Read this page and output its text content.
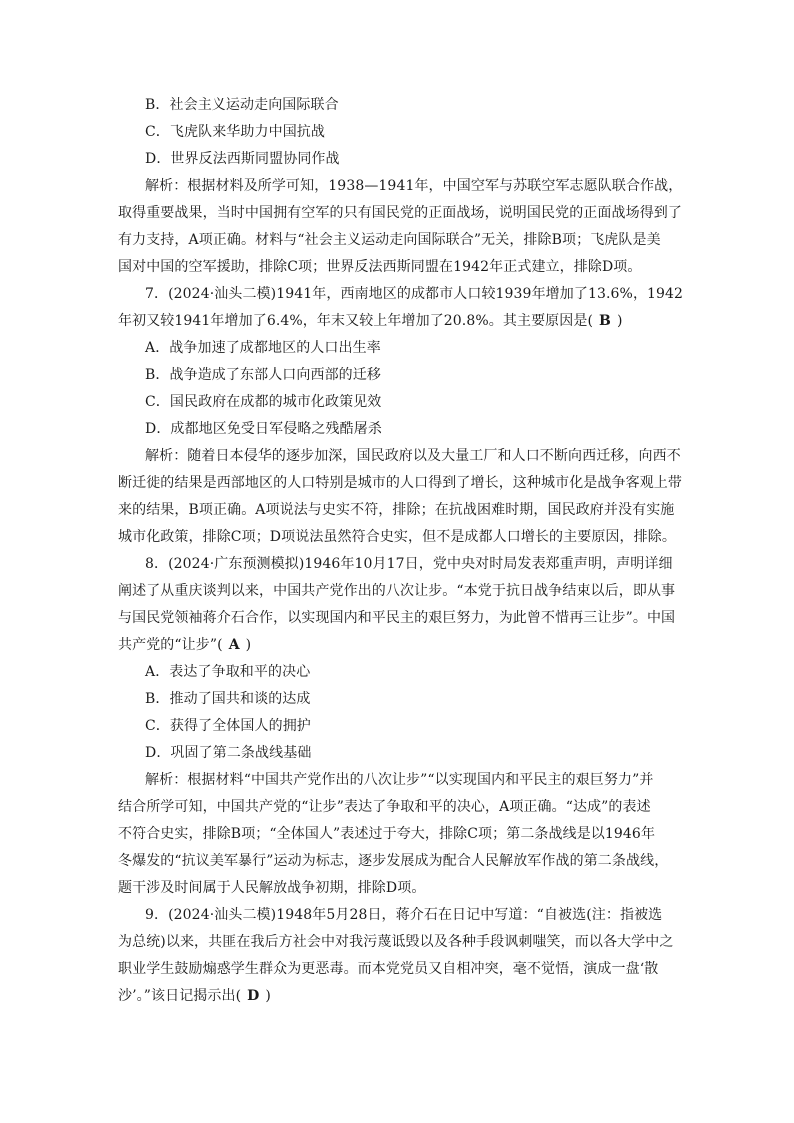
B．社会主义运动走向国际联合
C．飞虎队来华助力中国抗战
D．世界反法西斯同盟协同作战
解析：根据材料及所学可知，1938—1941年，中国空军与苏联空军志愿队联合作战，
取得重要战果，当时中国拥有空军的只有国民党的正面战场，说明国民党的正面战场得到了
有力支持，A项正确。材料与“社会主义运动走向国际联合”无关，排除B项；飞虎队是美
国对中国的空军援助，排除C项；世界反法西斯同盟在1942年正式建立，排除D项。
7．(2024·汕头二模)1941年，西南地区的成都市人口较1939年增加了13.6%，1942
年初又较1941年增加了6.4%，年末又较上年增加了20.8%。其主要原因是( B )
A．战争加速了成都地区的人口出生率
B．战争造成了东部人口向西部的迁移
C．国民政府在成都的城市化政策见效
D．成都地区免受日军侵略之残酷屠杀
解析：随着日本侵华的逐步加深，国民政府以及大量工厂和人口不断向西迁移，向西不
断迁徙的结果是西部地区的人口特别是城市的人口得到了增长，这种城市化是战争客观上带
来的结果，B项正确。A项说法与史实不符，排除；在抗战困难时期，国民政府并没有实施
城市化政策，排除C项；D项说法虽然符合史实，但不是成都人口增长的主要原因，排除。
8．(2024·广东预测模拟)1946年10月17日，党中央对时局发表郑重声明，声明详细
阐述了从重庆谈判以来，中国共产党作出的八次让步。“本党于抗日战争结束以后，即从事
与国民党领袖蒋介石合作，以实现国内和平民主的艰巨努力，为此曾不惜再三让步”。中国
共产党的“让步”( A )
A．表达了争取和平的决心
B．推动了国共和谈的达成
C．获得了全体国人的拥护
D．巩固了第二条战线基础
解析：根据材料“中国共产党作出的八次让步”“以实现国内和平民主的艰巨努力”并
结合所学可知，中国共产党的“让步”表达了争取和平的决心，A项正确。“达成”的表述
不符合史实，排除B项；“全体国人”表述过于夸大，排除C项；第二条战线是以1946年
冬爆发的“抗议美军暴行”运动为标志，逐步发展成为配合人民解放军作战的第二条战线，
题干涉及时间属于人民解放战争初期，排除D项。
9．(2024·汕头二模)1948年5月28日，蒋介石在日记中写道：“自被选(注：指被选
为总统)以来，共匪在我后方社会中对我污蔑诋毁以及各种手段讽刺嗤笑，而以各大学中之
职业学生鼓励煽惑学生群众为更恶毒。而本党党员又自相冲突，毫不觉悟，演成一盘‘散
沙’。”该日记揭示出( D )
